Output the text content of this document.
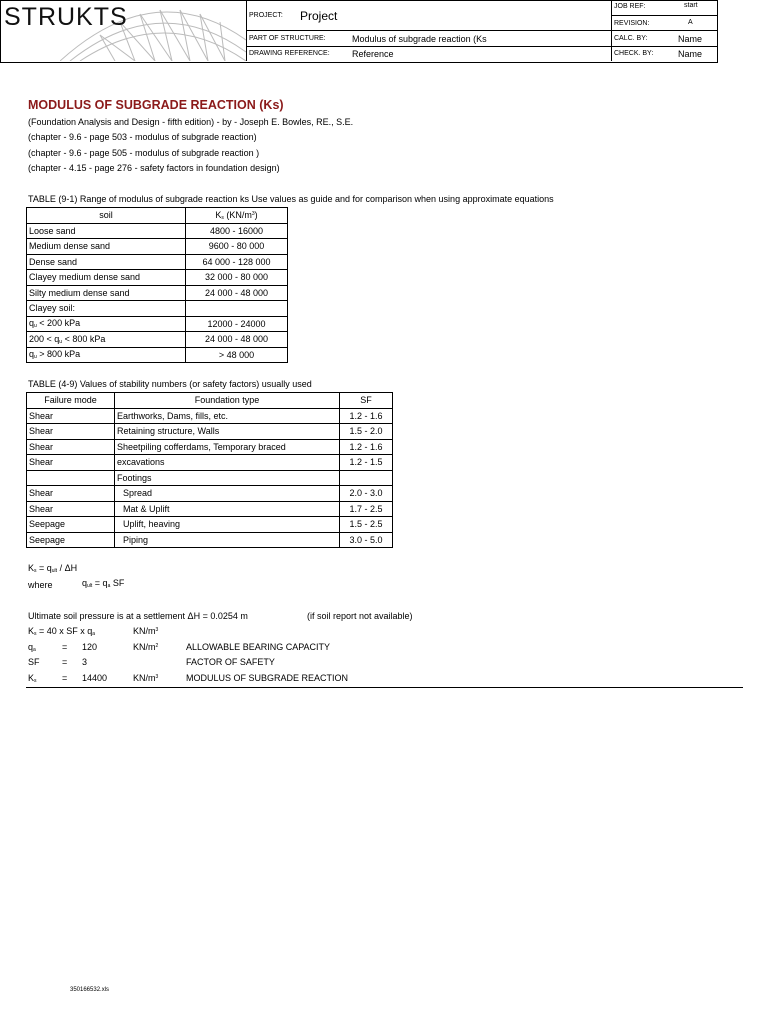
STRUKTS	PROJECT: Project
PART OF STRUCTURE:	Modulus of subgrade reaction (Ks
DRAWING REFERENCE: Reference
JOB REF:	start
REVISION:	A
CALC. BY:	Name
CHECK. BY:	Name
MODULUS OF SUBGRADE REACTION (Ks)
(Foundation Analysis and Design - fifth edition) - by - Joseph E. Bowles, RE., S.E.
(chapter - 9.6 - page 503 - modulus of subgrade reaction)
(chapter - 9.6 - page 505 - modulus of subgrade reaction )
(chapter - 4.15 - page 276 - safety factors in foundation design)
TABLE (9-1) Range of modulus of subgrade reaction ks Use values as guide and for comparison when using approximate equations
soil	$K_s$ $(KN/m^3)$
Loose sand	4800 - 16000
Medium dense sand	9600 - 80 000
Dense sand	64 000 - 128 000
Clayey medium dense sand	32 000 - 80 000
Silty medium dense sand	24 000 - 48 000
Clayey soil:	
$q_u < 200$ kPa	12000 - 24000
$200 < q_u < 800$ kPa	24 000 - 48 000
$q_u > 800$ kPa	> 48 000
TABLE (4-9) Values of stability numbers (or safety factors) usually used
Failure mode	Foundation type	SF
Shear	Earthworks, Dams, fills, etc.	1.2 - 1.6
Shear	Retaining structure, Walls	1.5 - 2.0
Shear	Sheetpiling cofferdams, Temporary braced	1.2 - 1.6
Shear	excavations	1.2 - 1.5
	Footings	
Shear	Spread	2.0 - 3.0
Shear	Mat & Uplift	1.7 - 2.5
Seepage	Uplift, heaving	1.5 - 2.5
Seepage	Piping	3.0 - 5.0
$K_s = q_{ult} / \Delta H$
where	$q_{ult} = q_a$ SF
Ultimate soil pressure is at a settlement ΔH = 0.0254 m	(if soil report not available)
$K_s = 40$ x SF x $q_a$	$KN/m^3$
$q_a$	= 120	$KN/m^2$	ALLOWABLE BEARING CAPACITY
SF = 3	FACTOR OF SAFETY
$K_s$	= 14400	$KN/m^3$	MODULUS OF SUBGRADE REACTION
350166532.xls
